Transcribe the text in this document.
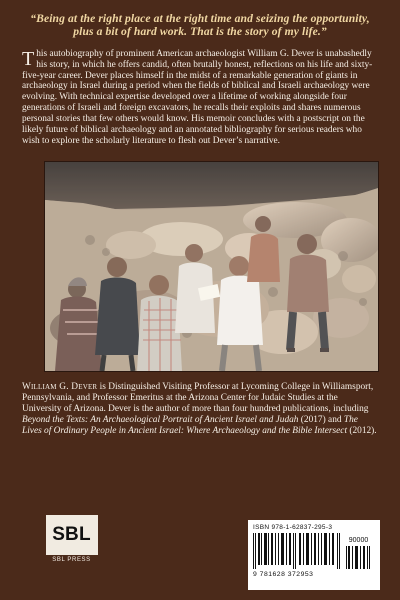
“Being at the right place at the right time and seizing the opportunity, plus a bit of hard work. That is the story of my life.”

This autobiography of prominent American archaeologist William G. Dever is unabashedly his story, in which he offers candid, often brutally honest, reflections on his life and sixty-five-year career. Dever places himself in the midst of a remarkable generation of giants in archaeology in Israel during a period when the fields of biblical and Israeli archaeology were evolving. With technical expertise developed over a lifetime of working alongside four generations of Israeli and foreign excavators, he recalls their exploits and shares numerous personal stories that few others would know. His memoir concludes with a postscript on the likely future of biblical archaeology and an annotated bibliography for serious readers who wish to explore the scholarly literature to flesh out Dever’s narrative.

William G. Dever is Distinguished Visiting Professor at Lycoming College in Williamsport, Pennsylvania, and Professor Emeritus at the Arizona Center for Judaic Studies at the University of Arizona. Dever is the author of more than four hundred publications, including Beyond the Texts: An Archaeological Portrait of Ancient Israel and Judah (2017) and The Lives of Ordinary People in Ancient Israel: Where Archaeology and the Bible Intersect (2012).
SBL
SBL PRESS
ISBN 978-1-62837-295-3
90000
9 781628 372953
